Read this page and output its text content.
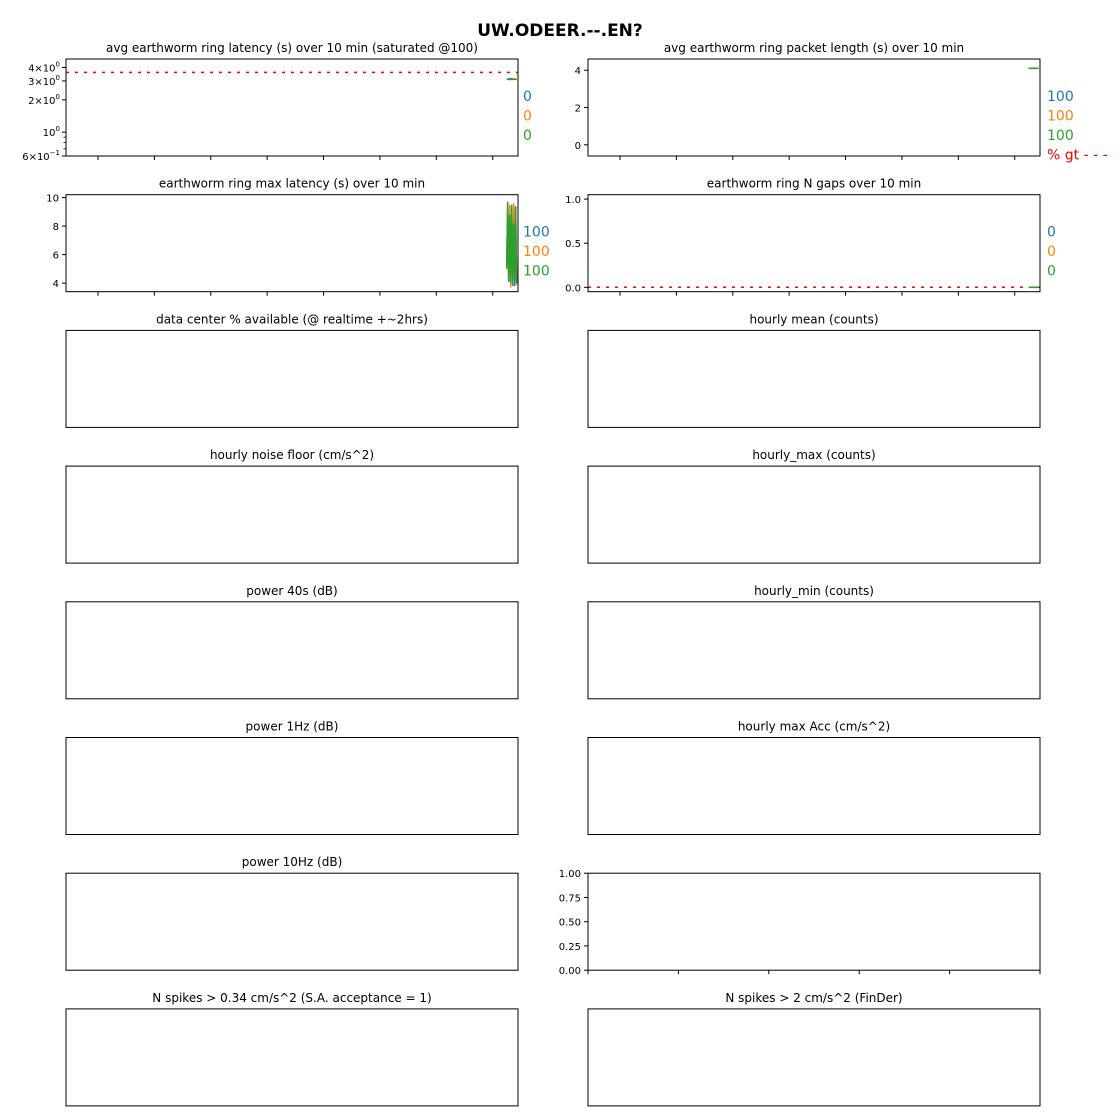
UW.ODEER.--.EN?
avg earthworm ring latency (s) over 10 min (saturated @100)
$4\times 10^0$
$3\times 10^0$
$2\times 10^0$
$10^0$
$6\times 10^{-1}$
0
0
0
avg earthworm ring packet length (s) over 10 min
0
2
4
100
100
100
% gt - - -
earthworm ring max latency (s) over 10 min
4
6
8
10
100
100
100
earthworm ring N gaps over 10 min
0.0
0.5
1.0
0
0
0
data center % available (@ realtime +~2hrs)	hourly mean (counts)
hourly noise floor (cm/s^2)	hourly_max (counts)
power 40s (dB)	hourly_min (counts)
power 1Hz (dB)	hourly max Acc (cm/s^2)
power 10Hz (dB)
0.00
0.25
0.50
0.75
1.00
N spikes > 0.34 cm/s^2 (S.A. acceptance = 1)	N spikes > 2 cm/s^2 (FinDer)
